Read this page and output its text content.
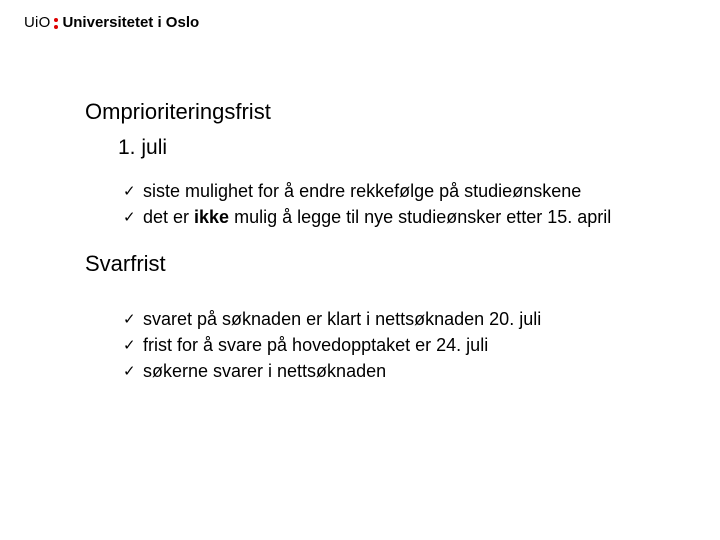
UiO Universitetet i Oslo

Omprioriteringsfrist

1. juli

✓ siste mulighet for å endre rekkefølge på studieønskene
✓ det er ikke mulig å legge til nye studieønsker etter 15. april

Svarfrist

✓ svaret på søknaden er klart i nettsøknaden 20. juli
✓ frist for å svare på hovedopptaket er 24. juli
✓ søkerne svarer i nettsøknaden
